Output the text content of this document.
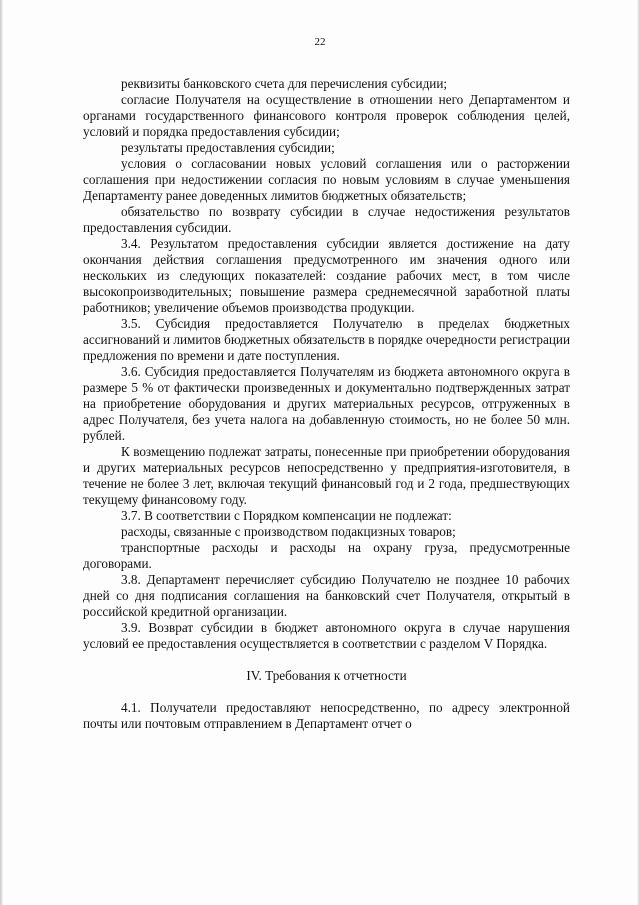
22

реквизиты банковского счета для перечисления субсидии;

согласие Получателя на осуществление в отношении него Департаментом и органами государственного финансового контроля проверок соблюдения целей, условий и порядка предоставления субсидии;

результаты предоставления субсидии;

условия о согласовании новых условий соглашения или о расторжении соглашения при недостижении согласия по новым условиям в случае уменьшения Департаменту ранее доведенных лимитов бюджетных обязательств;

обязательство по возврату субсидии в случае недостижения результатов предоставления субсидии.

3.4. Результатом предоставления субсидии является достижение на дату окончания действия соглашения предусмотренного им значения одного или нескольких из следующих показателей: создание рабочих мест, в том числе высокопроизводительных; повышение размера среднемесячной заработной платы работников; увеличение объемов производства продукции.

3.5. Субсидия предоставляется Получателю в пределах бюджетных ассигнований и лимитов бюджетных обязательств в порядке очередности регистрации предложения по времени и дате поступления.

3.6. Субсидия предоставляется Получателям из бюджета автономного округа в размере 5 % от фактически произведенных и документально подтвержденных затрат на приобретение оборудования и других материальных ресурсов, отгруженных в адрес Получателя, без учета налога на добавленную стоимость, но не более 50 млн. рублей.

К возмещению подлежат затраты, понесенные при приобретении оборудования и других материальных ресурсов непосредственно у предприятия-изготовителя, в течение не более 3 лет, включая текущий финансовый год и 2 года, предшествующих текущему финансовому году.

3.7. В соответствии с Порядком компенсации не подлежат:

расходы, связанные с производством подакцизных товаров;

транспортные расходы и расходы на охрану груза, предусмотренные договорами.

3.8. Департамент перечисляет субсидию Получателю не позднее 10 рабочих дней со дня подписания соглашения на банковский счет Получателя, открытый в российской кредитной организации.

3.9. Возврат субсидии в бюджет автономного округа в случае нарушения условий ее предоставления осуществляется в соответствии с разделом V Порядка.

IV. Требования к отчетности

4.1. Получатели предоставляют непосредственно, по адресу электронной почты или почтовым отправлением в Департамент отчет о
